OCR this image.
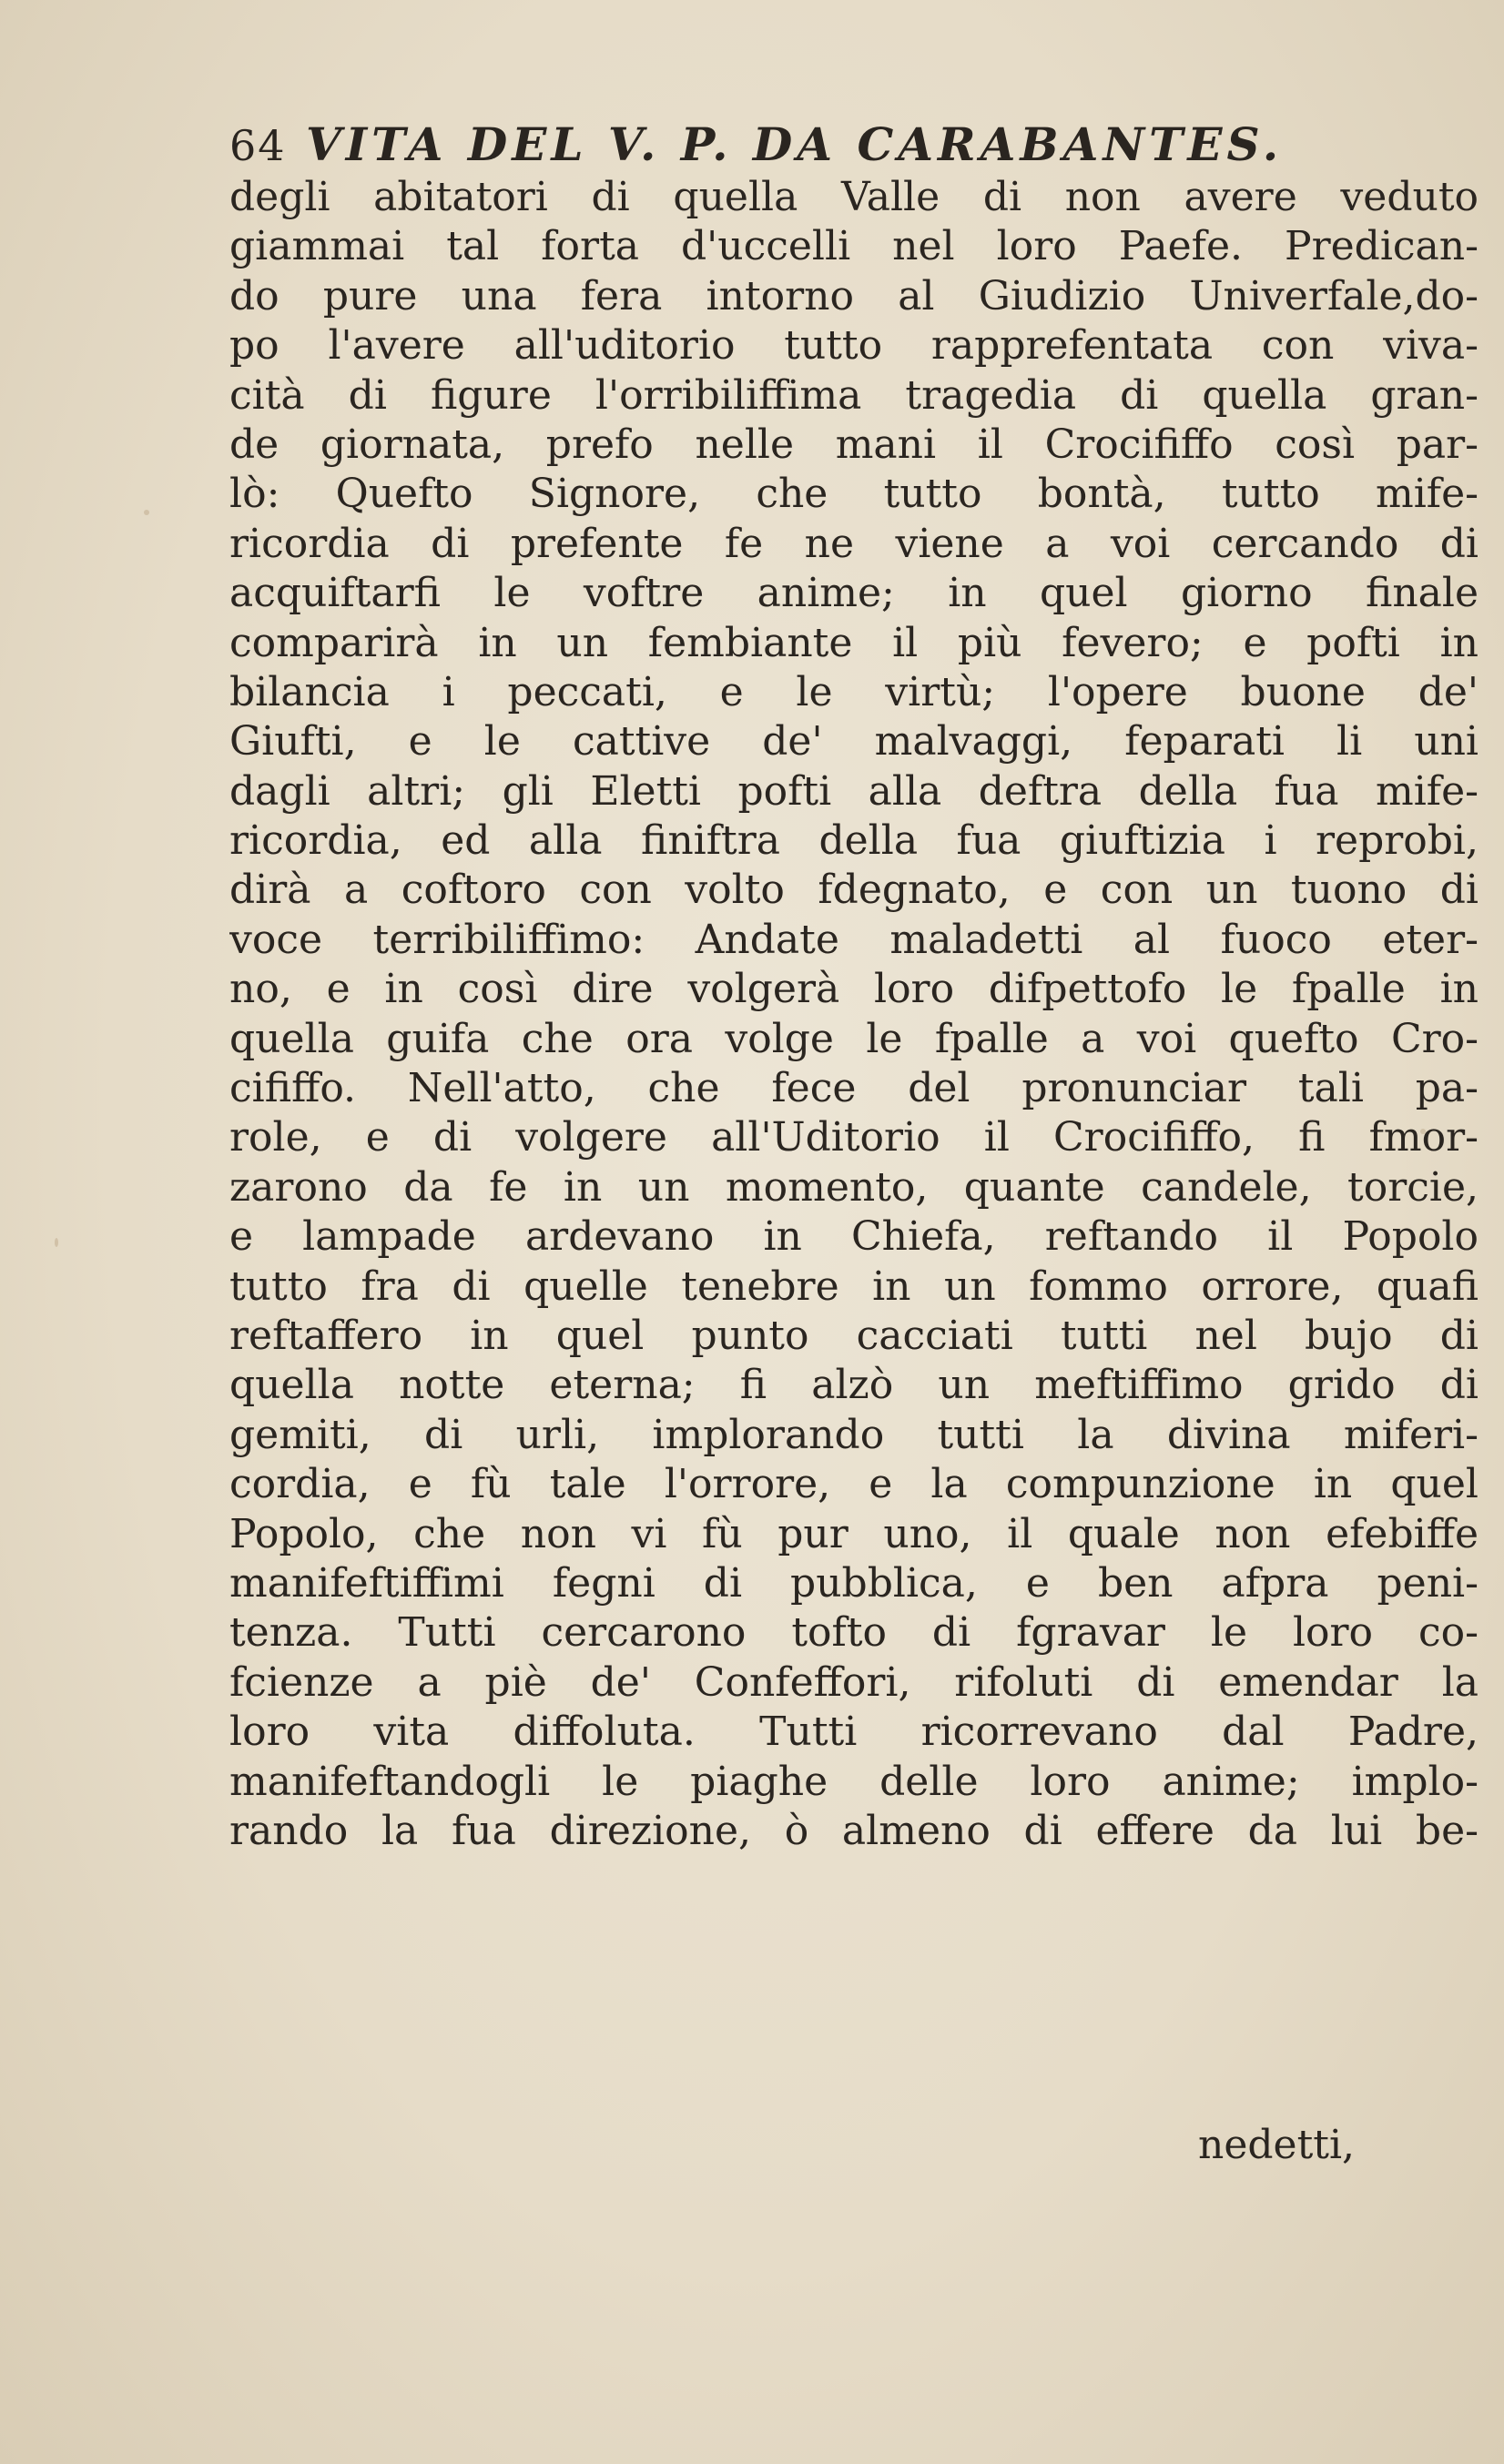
64 VITA DEL V. P. DA CARABANTES.
degli abitatori di quella Valle di non avere veduto
giammai tal forta d'uccelli nel loro Paefe. Predican-
do pure una fera intorno al Giudizio Univerfale,do-
po l'avere all'uditorio tutto rapprefentata con viva-
cità di figure l'orribiliffima tragedia di quella gran-
de giornata, prefo nelle mani il Crocififfo così par-
lò: Quefto Signore, che tutto bontà, tutto mife-
ricordia di prefente fe ne viene a voi cercando di
acquiftarfi le voftre anime; in quel giorno finale
comparirà in un fembiante il più fevero; e pofti in
bilancia i peccati, e le virtù; l'opere buone de'
Giufti, e le cattive de' malvaggi, feparati li uni
dagli altri; gli Eletti pofti alla deftra della fua mife-
ricordia, ed alla finiftra della fua giuftizia i reprobi,
dirà a coftoro con volto fdegnato, e con un tuono di
voce terribiliffimo: Andate maladetti al fuoco eter-
no, e in così dire volgerà loro difpettofo le fpalle in
quella guifa che ora volge le fpalle a voi quefto Cro-
cififfo. Nell'atto, che fece del pronunciar tali pa-
role, e di volgere all'Uditorio il Crocififfo, fi fmor-
zarono da fe in un momento, quante candele, torcie,
e lampade ardevano in Chiefa, reftando il Popolo
tutto fra di quelle tenebre in un fommo orrore, quafi
reftaffero in quel punto cacciati tutti nel bujo di
quella notte eterna; fi alzò un meftiffimo grido di
gemiti, di urli, implorando tutti la divina miferi-
cordia, e fù tale l'orrore, e la compunzione in quel
Popolo, che non vi fù pur uno, il quale non efebiffe
manifeftiffimi fegni di pubblica, e ben afpra peni-
tenza. Tutti cercarono tofto di fgravar le loro co-
fcienze a piè de' Confeffori, rifoluti di emendar la
loro vita diffoluta. Tutti ricorrevano dal Padre,
manifeftandogli le piaghe delle loro anime; implo-
rando la fua direzione, ò almeno di effere da lui be-
nedetti,
